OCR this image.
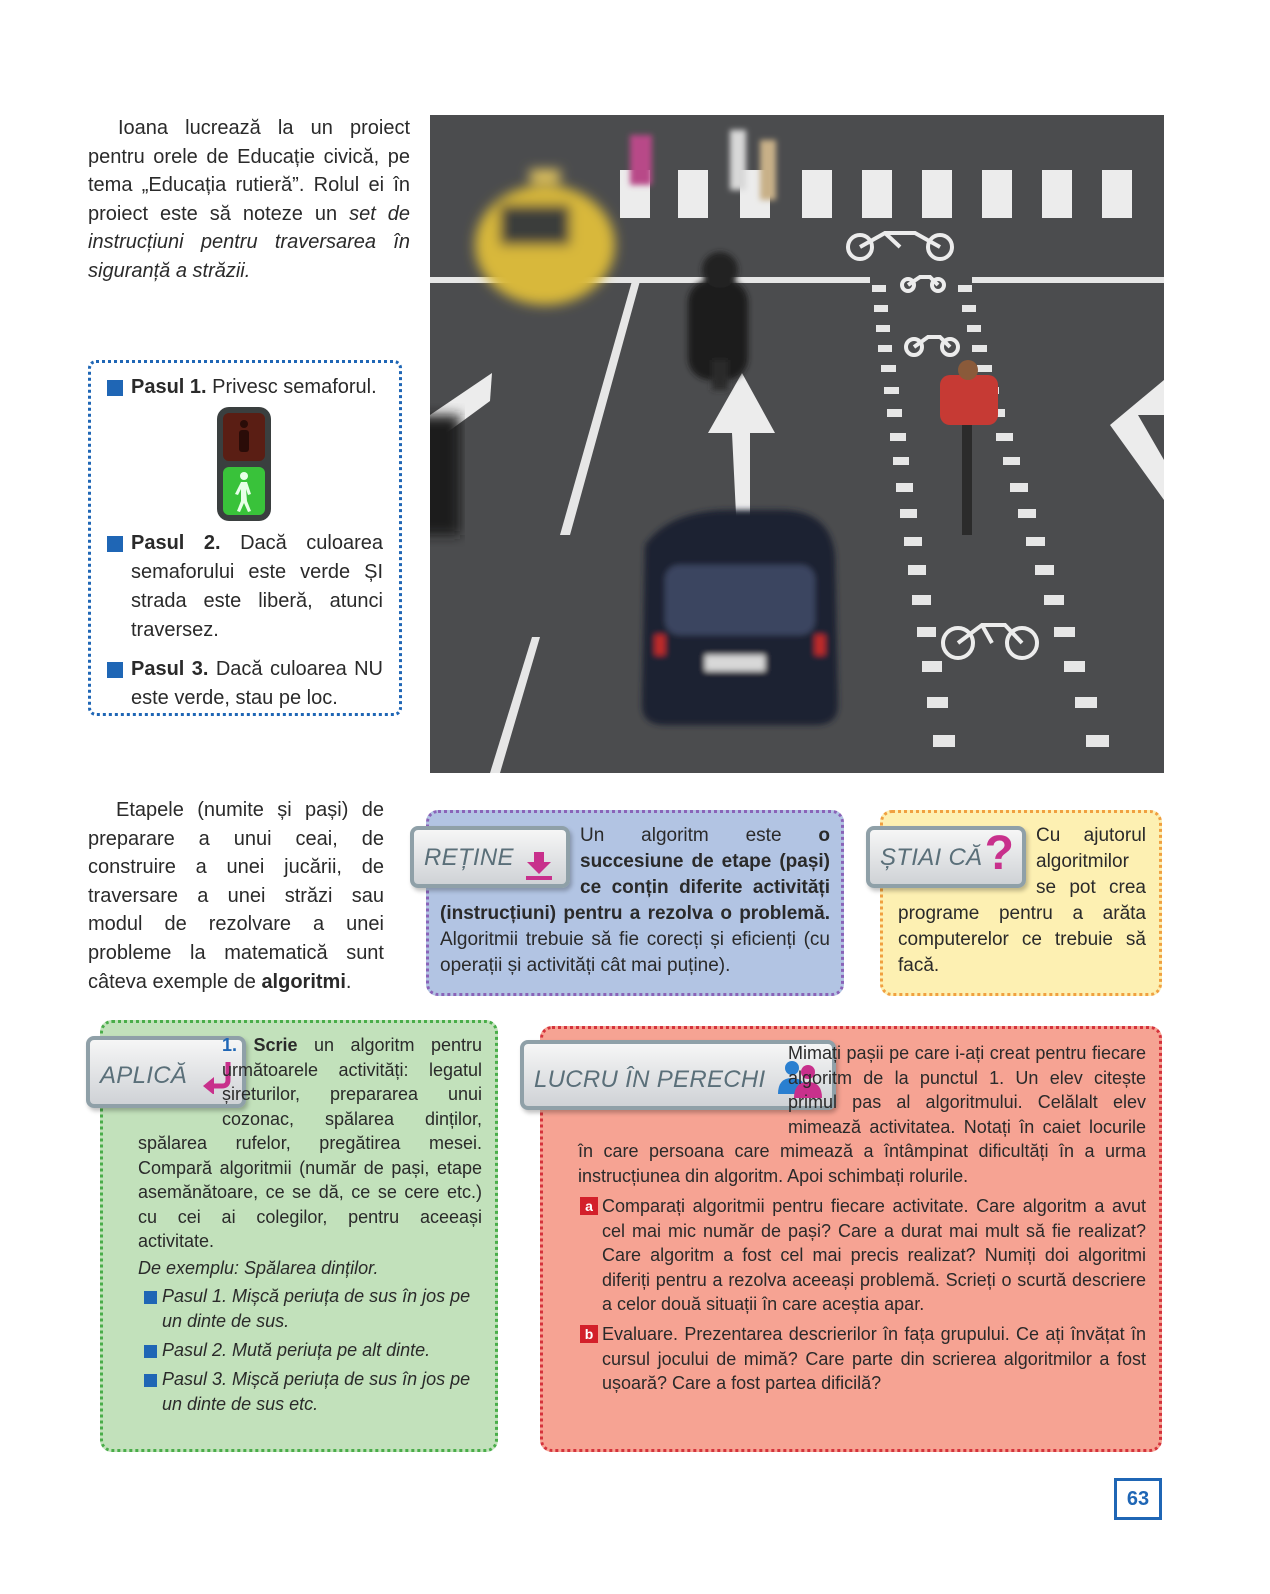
Ioana lucrează la un proiect pentru orele de Educație civică, pe tema „Educația rutieră”. Rolul ei în proiect este să noteze un set de instrucțiuni pentru traversarea în siguranță a străzii.

Pasul 1. Privesc semaforul.
Pasul 2. Dacă culoarea semaforului este verde ȘI strada este liberă, atunci traversez.
Pasul 3. Dacă culoarea NU este verde, stau pe loc.
Etapele (numite și pași) de preparare a unui ceai, de construire a unei jucării, de traversare a unei străzi sau modul de rezolvare a unei probleme la matematică sunt câteva exemple de algoritmi.
REȚINE	ȘTIAI CĂ ?
APLICĂ	LUCRU ÎN PERECHI
Un algoritm este o succesiune de etape (pași) ce conțin diferite activități (instrucțiuni) pentru a rezolva o problemă. Algoritmii trebuie să fie corecți și eficienți (cu operații și activități cât mai puține).
Cu ajutorul algoritmilor se pot crea programe pentru a arăta computerelor ce trebuie să facă.
1. Scrie un algoritm pentru următoarele activități: legatul șireturilor, prepararea unui cozonac, spălarea dinților, spălarea rufelor, pregătirea mesei. Compară algoritmii (număr de pași, etape asemănătoare, ce se dă, ce se cere etc.) cu cei ai colegilor, pentru aceeași activitate.
De exemplu: Spălarea dinților.
Pasul 1. Mișcă periuța de sus în jos pe un dinte de sus.
Pasul 2. Mută periuța pe alt dinte.
Pasul 3. Mișcă periuța de sus în jos pe un dinte de sus etc.
Mimați pașii pe care i-ați creat pentru fiecare algoritm de la punctul 1. Un elev citește primul pas al algoritmului. Celălalt elev mimează activitatea. Notați în caiet locurile în care persoana care mimează a întâmpinat dificultăți în a urma instrucțiunea din algoritm. Apoi schimbați rolurile.
a Comparați algoritmii pentru fiecare activitate. Care algoritm a avut cel mai mic număr de pași? Care a durat mai mult să fie realizat? Care algoritm a fost cel mai precis realizat? Numiți doi algoritmi diferiți pentru a rezolva aceeași problemă. Scrieți o scurtă descriere a celor două situații în care aceștia apar.
b Evaluare. Prezentarea descrierilor în fața grupului. Ce ați învățat în cursul jocului de mimă? Care parte din scrierea algoritmilor a fost ușoară? Care a fost partea dificilă?
63
